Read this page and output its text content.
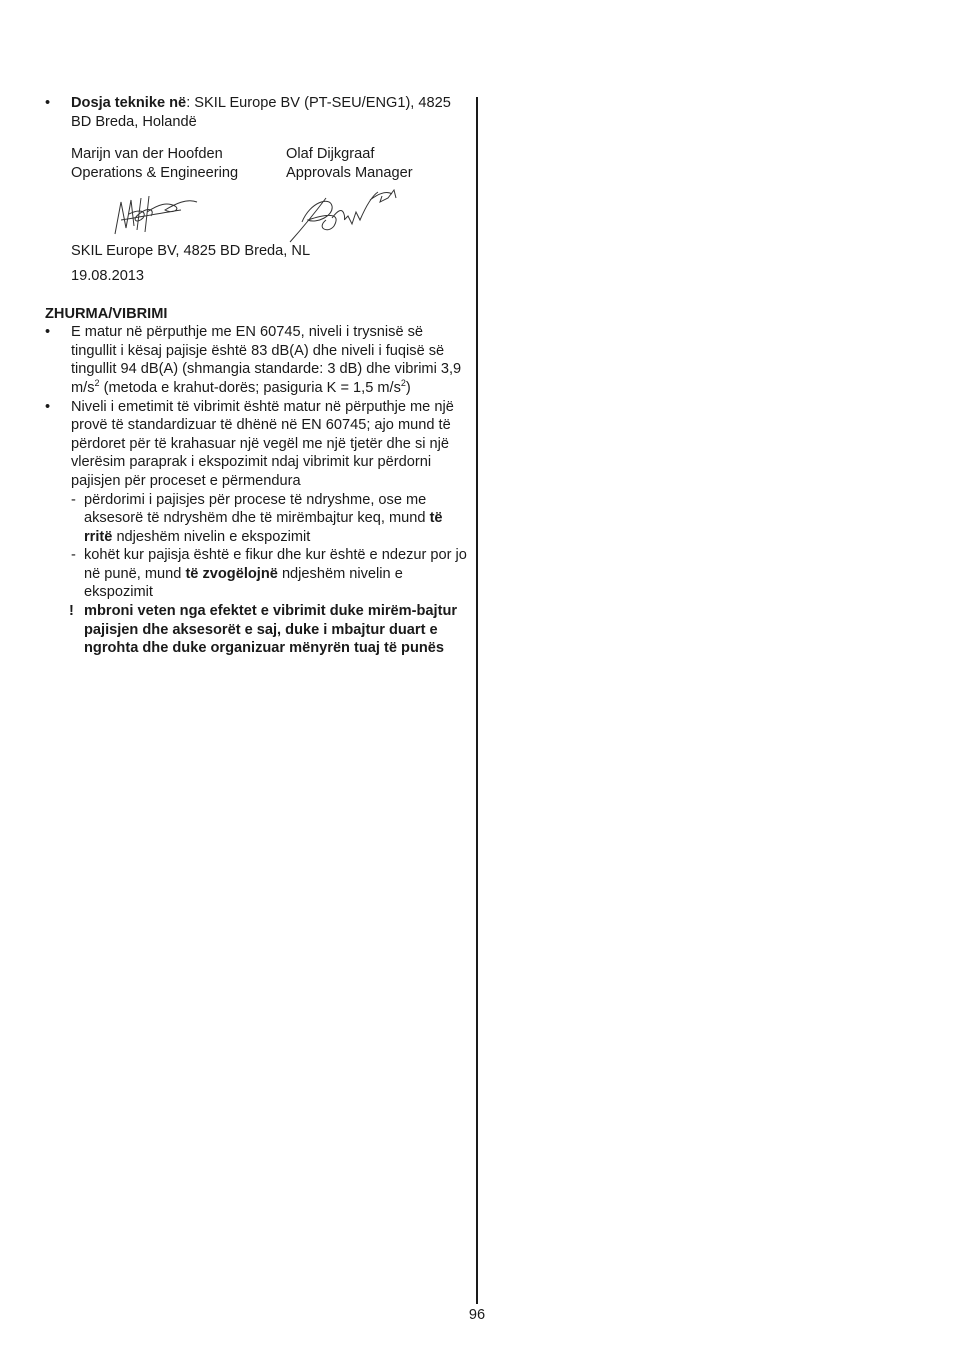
• Dosja teknike në: SKIL Europe BV (PT-SEU/ENG1), 4825 BD Breda, Holandë
Marijn van der Hoofden
Operations & Engineering
Olaf Dijkgraaf
Approvals Manager
SKIL Europe BV, 4825 BD Breda, NL
19.08.2013
ZHURMA/VIBRIMI
• E matur në përputhje me EN 60745, niveli i trysnisë së tingullit i kësaj pajisje është 83 dB(A) dhe niveli i fuqisë së tingullit 94 dB(A) (shmangia standarde: 3 dB) dhe vibrimi 3,9 $m/s^2$ (metoda e krahut-dorës; pasiguria K = 1,5 $m/s^2$)
• Niveli i emetimit të vibrimit është matur në përputhje me një provë të standardizuar të dhënë në EN 60745; ajo mund të përdoret për të krahasuar një vegël me një tjetër dhe si një vlerësim paraprak i ekspozimit ndaj vibrimit kur përdorni pajisjen për proceset e përmendura
- përdorimi i pajisjes për procese të ndryshme, ose me aksesorë të ndryshëm dhe të mirëmbajtur keq, mund të rritë ndjeshëm nivelin e ekspozimit
- kohët kur pajisja është e fikur dhe kur është e ndezur por jo në punë, mund të zvogëlojnë ndjeshëm nivelin e ekspozimit
! mbroni veten nga efektet e vibrimit duke mirëm-bajtur pajisjen dhe aksesorët e saj, duke i mbajtur duart e ngrohta dhe duke organizuar mënyrën tuaj të punës
96
